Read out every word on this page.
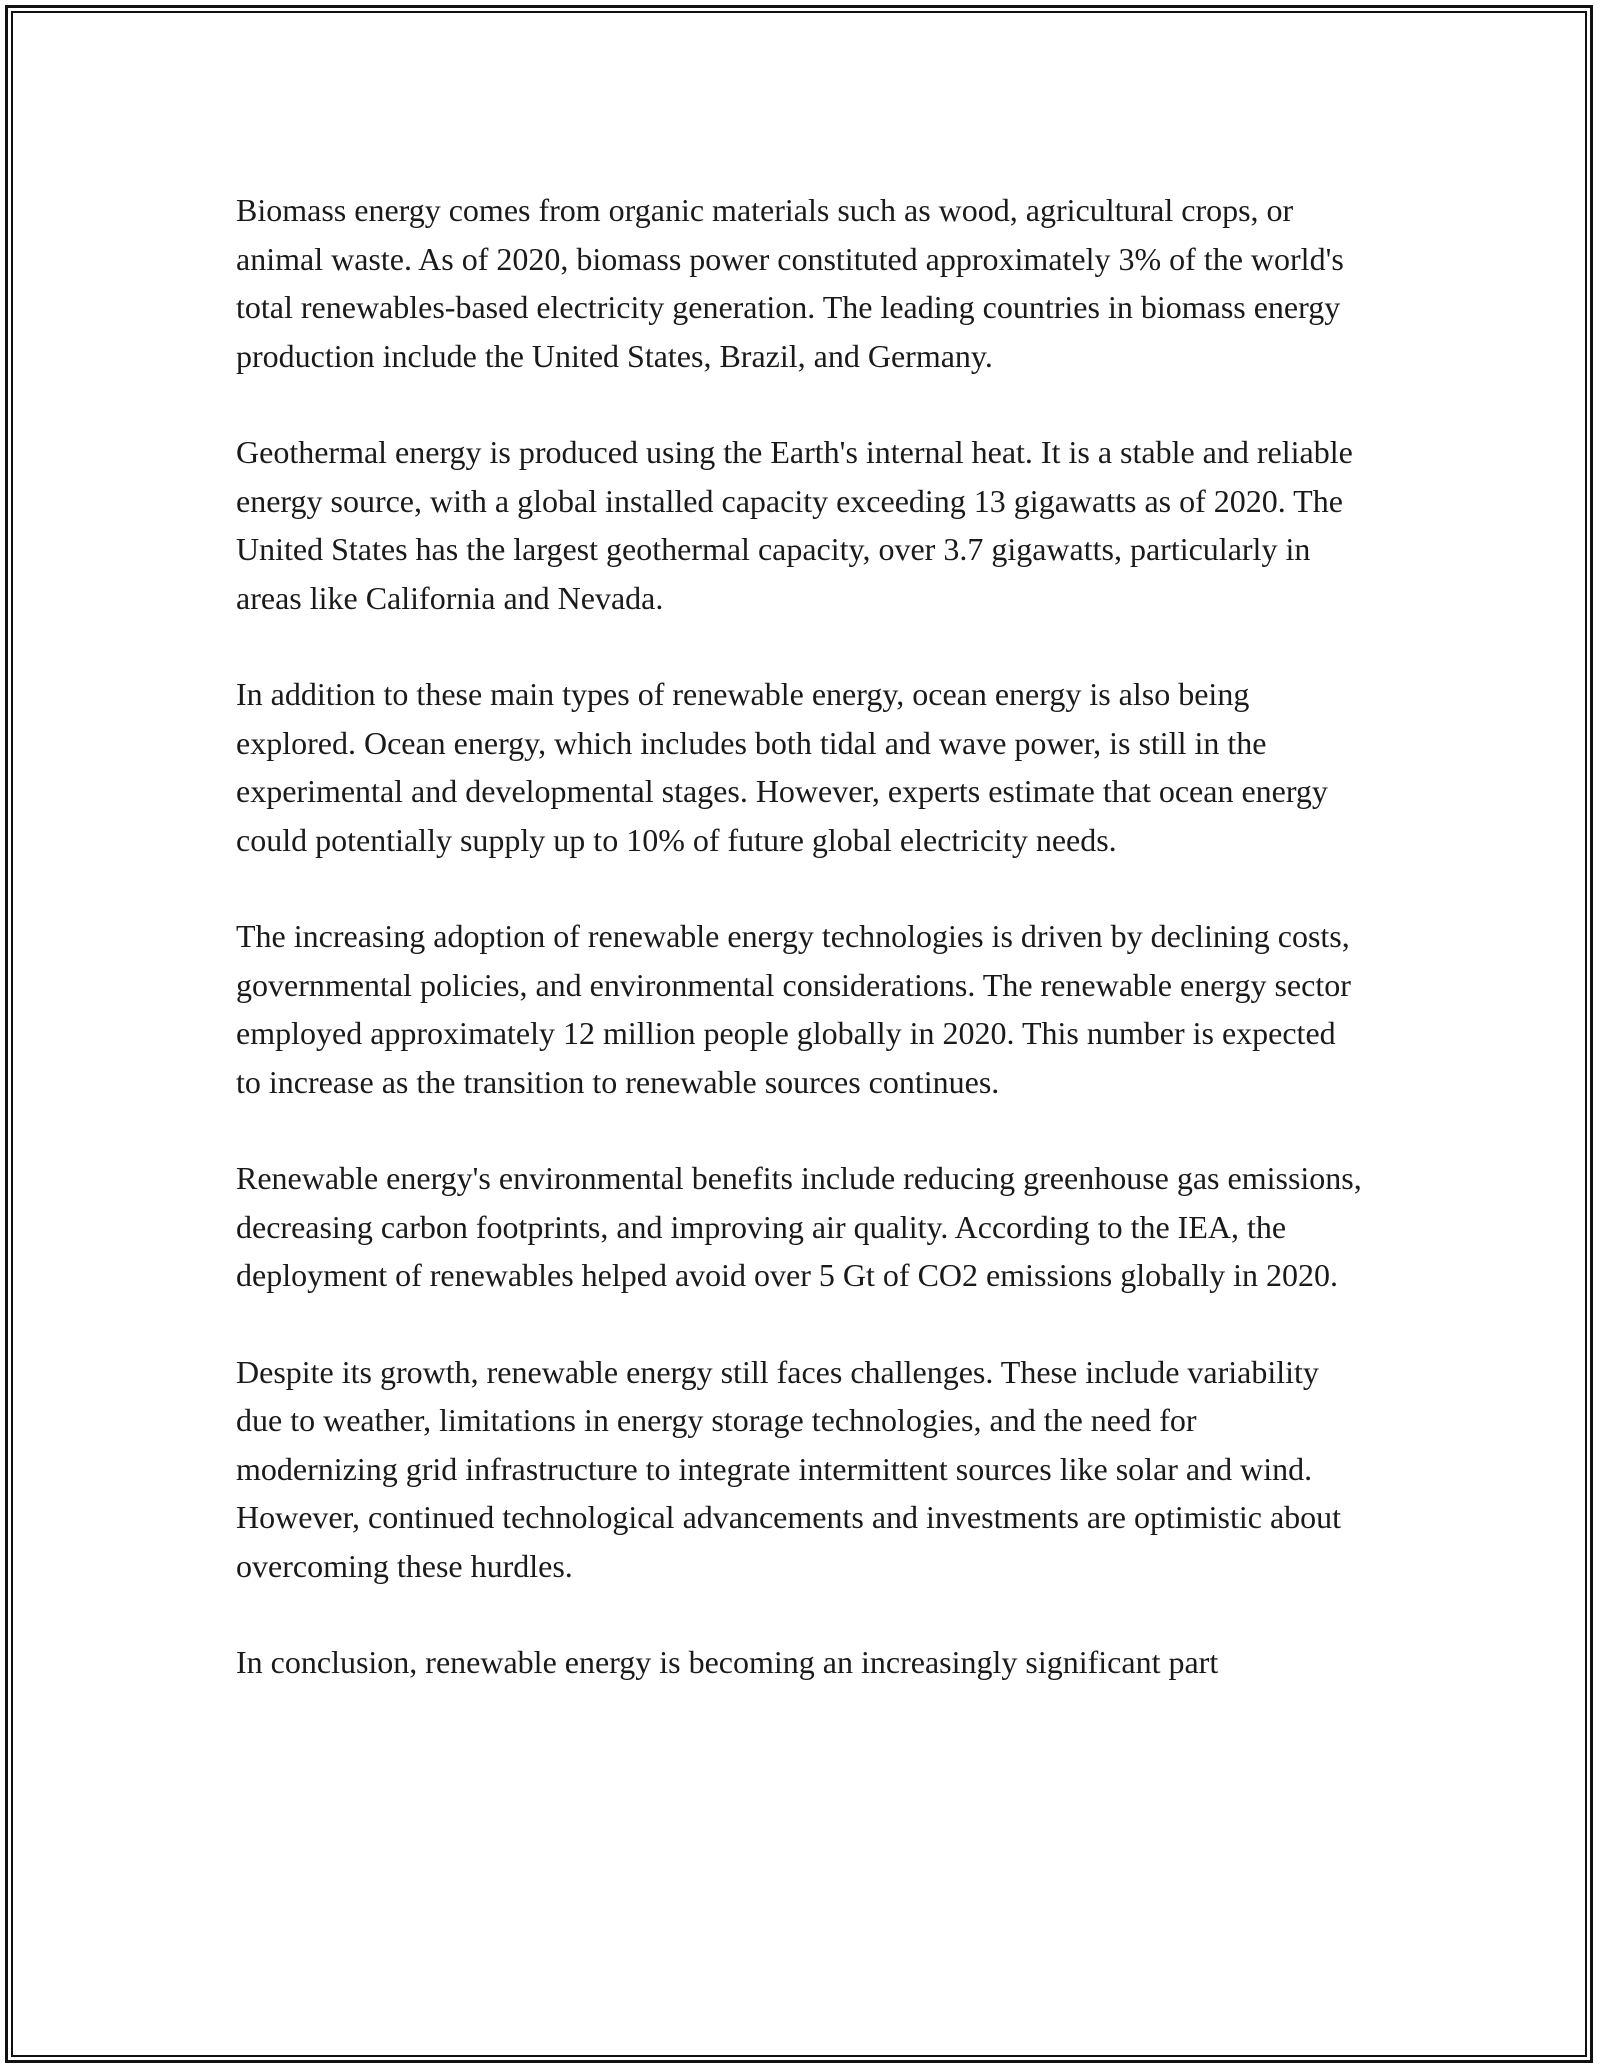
Biomass energy comes from organic materials such as wood, agricultural crops, or animal waste. As of 2020, biomass power constituted approximately 3% of the world's total renewables-based electricity generation. The leading countries in biomass energy production include the United States, Brazil, and Germany.

Geothermal energy is produced using the Earth's internal heat. It is a stable and reliable energy source, with a global installed capacity exceeding 13 gigawatts as of 2020. The United States has the largest geothermal capacity, over 3.7 gigawatts, particularly in areas like California and Nevada.

In addition to these main types of renewable energy, ocean energy is also being explored. Ocean energy, which includes both tidal and wave power, is still in the experimental and developmental stages. However, experts estimate that ocean energy could potentially supply up to 10% of future global electricity needs.

The increasing adoption of renewable energy technologies is driven by declining costs, governmental policies, and environmental considerations. The renewable energy sector employed approximately 12 million people globally in 2020. This number is expected to increase as the transition to renewable sources continues.

Renewable energy's environmental benefits include reducing greenhouse gas emissions, decreasing carbon footprints, and improving air quality. According to the IEA, the deployment of renewables helped avoid over 5 Gt of CO2 emissions globally in 2020.

Despite its growth, renewable energy still faces challenges. These include variability due to weather, limitations in energy storage technologies, and the need for modernizing grid infrastructure to integrate intermittent sources like solar and wind. However, continued technological advancements and investments are optimistic about overcoming these hurdles.

In conclusion, renewable energy is becoming an increasingly significant part
